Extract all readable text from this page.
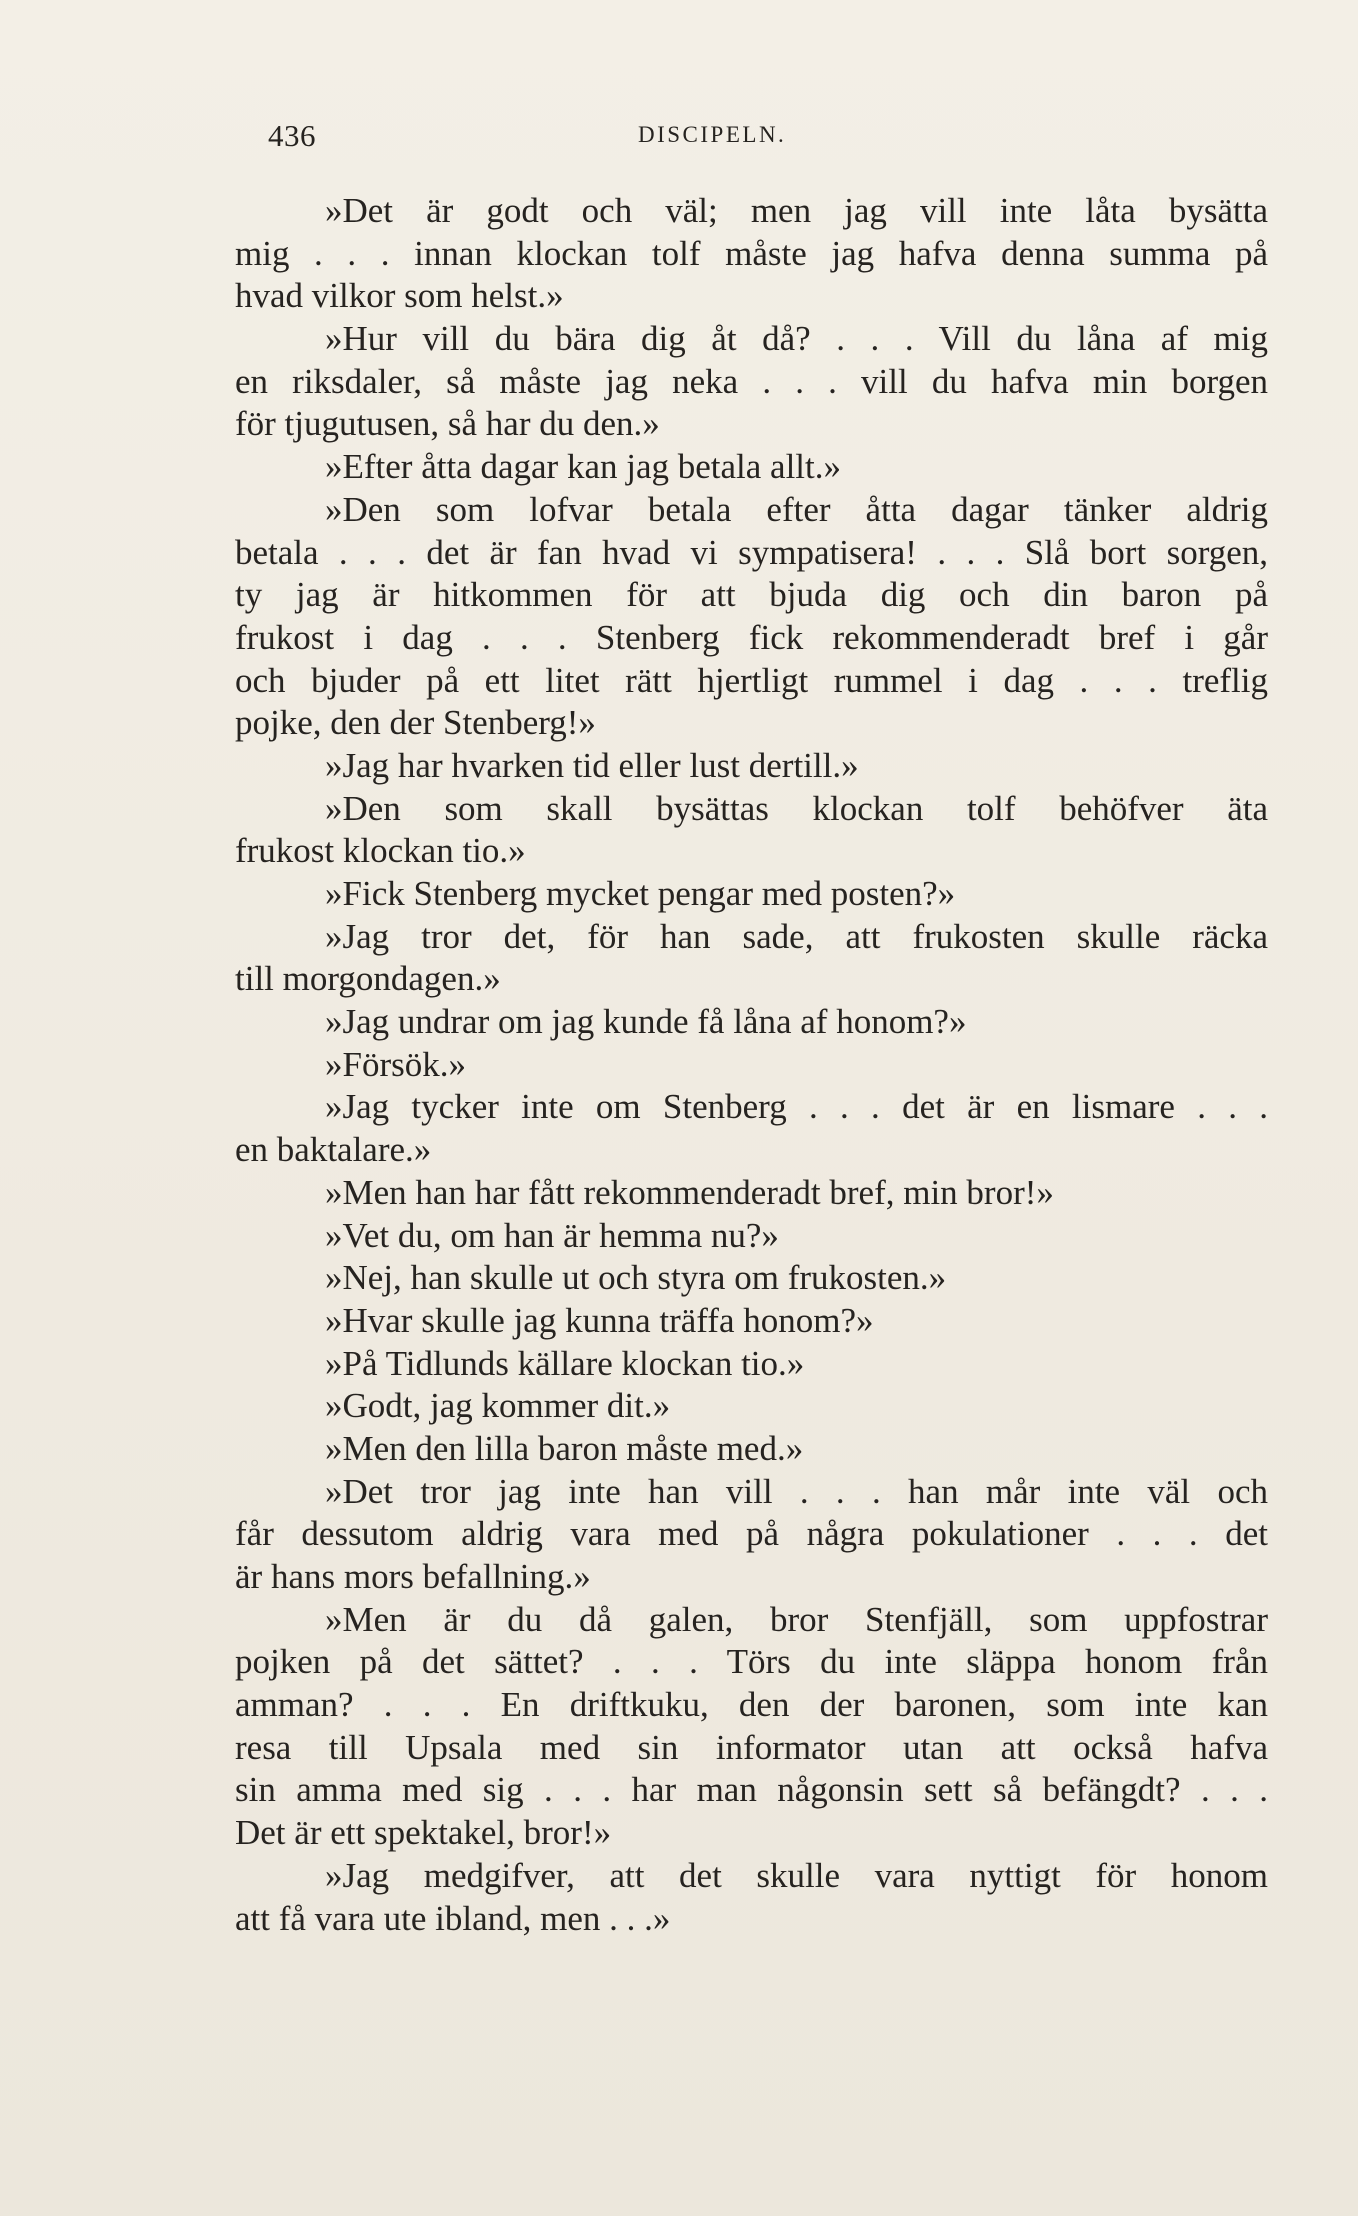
436	DISCIPELN.
»Det är godt och väl; men jag vill inte låta bysätta
mig . . . innan klockan tolf måste jag hafva denna summa på
hvad vilkor som helst.»
»Hur vill du bära dig åt då? . . . Vill du låna af mig
en riksdaler, så måste jag neka . . . vill du hafva min borgen
för tjugutusen, så har du den.»
»Efter åtta dagar kan jag betala allt.»
»Den som lofvar betala efter åtta dagar tänker aldrig
betala . . . det är fan hvad vi sympatisera! . . . Slå bort sorgen,
ty jag är hitkommen för att bjuda dig och din baron på
frukost i dag . . . Stenberg fick rekommenderadt bref i går
och bjuder på ett litet rätt hjertligt rummel i dag . . . treflig
pojke, den der Stenberg!»
»Jag har hvarken tid eller lust dertill.»
»Den som skall bysättas klockan tolf behöfver äta
frukost klockan tio.»
»Fick Stenberg mycket pengar med posten?»
»Jag tror det, för han sade, att frukosten skulle räcka
till morgondagen.»
»Jag undrar om jag kunde få låna af honom?»
»Försök.»
»Jag tycker inte om Stenberg . . . det är en lismare . . .
en baktalare.»
»Men han har fått rekommenderadt bref, min bror!»
»Vet du, om han är hemma nu?»
»Nej, han skulle ut och styra om frukosten.»
»Hvar skulle jag kunna träffa honom?»
»På Tidlunds källare klockan tio.»
»Godt, jag kommer dit.»
»Men den lilla baron måste med.»
»Det tror jag inte han vill . . . han mår inte väl och
får dessutom aldrig vara med på några pokulationer . . . det
är hans mors befallning.»
»Men är du då galen, bror Stenfjäll, som uppfostrar
pojken på det sättet? . . . Törs du inte släppa honom från
amman? . . . En driftkuku, den der baronen, som inte kan
resa till Upsala med sin informator utan att också hafva
sin amma med sig . . . har man någonsin sett så befängdt? . . .
Det är ett spektakel, bror!»
»Jag medgifver, att det skulle vara nyttigt för honom
att få vara ute ibland, men . . .»
